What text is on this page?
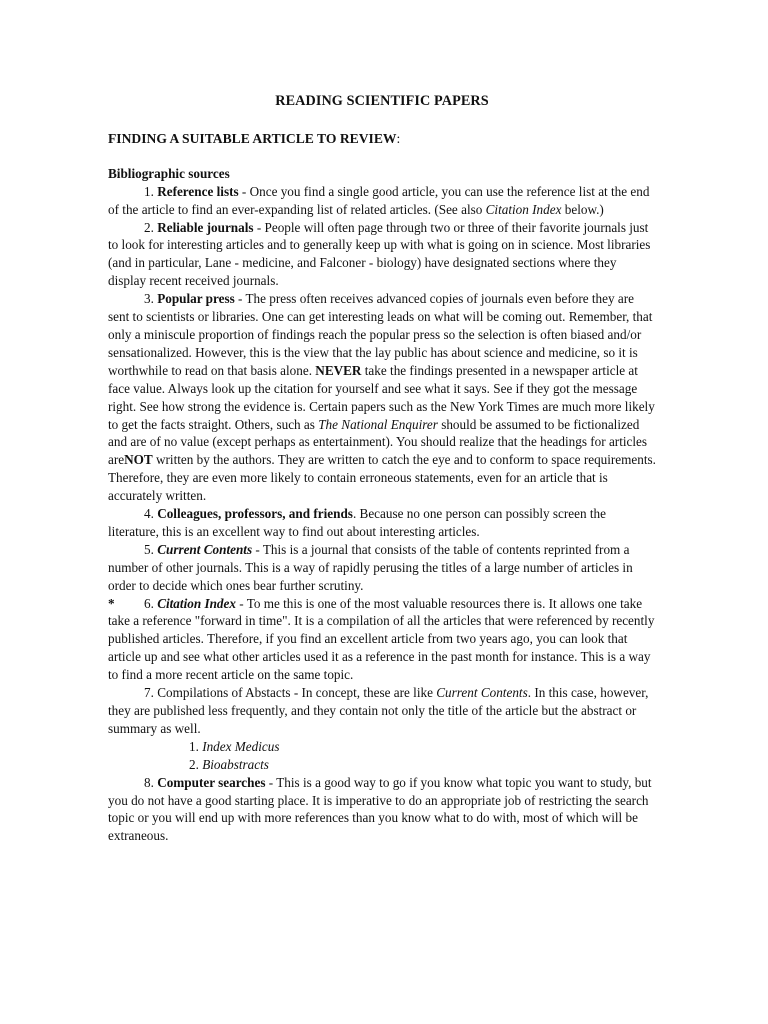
READING SCIENTIFIC PAPERS
FINDING A SUITABLE ARTICLE TO REVIEW:
Bibliographic sources

1. Reference lists - Once you find a single good article, you can use the reference list at the end of the article to find an ever-expanding list of related articles. (See also Citation Index below.)

2. Reliable journals - People will often page through two or three of their favorite journals just to look for interesting articles and to generally keep up with what is going on in science. Most libraries (and in particular, Lane - medicine, and Falconer - biology) have designated sections where they display recent received journals.

3. Popular press - The press often receives advanced copies of journals even before they are sent to scientists or libraries. One can get interesting leads on what will be coming out. Remember, that only a miniscule proportion of findings reach the popular press so the selection is often biased and/or sensationalized. However, this is the view that the lay public has about science and medicine, so it is worthwhile to read on that basis alone. NEVER take the findings presented in a newspaper article at face value. Always look up the citation for yourself and see what it says. See if they got the message right. See how strong the evidence is. Certain papers such as the New York Times are much more likely to get the facts straight. Others, such as The National Enquirer should be assumed to be fictionalized and are of no value (except perhaps as entertainment). You should realize that the headings for articles areNOT written by the authors. They are written to catch the eye and to conform to space requirements. Therefore, they are even more likely to contain erroneous statements, even for an article that is accurately written.

4. Colleagues, professors, and friends. Because no one person can possibly screen the literature, this is an excellent way to find out about interesting articles.

5. Current Contents - This is a journal that consists of the table of contents reprinted from a number of other journals. This is a way of rapidly perusing the titles of a large number of articles in order to decide which ones bear further scrutiny.

* 6. Citation Index - To me this is one of the most valuable resources there is. It allows one take take a reference "forward in time". It is a compilation of all the articles that were referenced by recently published articles. Therefore, if you find an excellent article from two years ago, you can look that article up and see what other articles used it as a reference in the past month for instance. This is a way to find a more recent article on the same topic.

7. Compilations of Abstacts - In concept, these are like Current Contents. In this case, however, they are published less frequently, and they contain not only the title of the article but the abstract or summary as well.

1. Index Medicus
2. Bioabstracts

8. Computer searches - This is a good way to go if you know what topic you want to study, but you do not have a good starting place. It is imperative to do an appropriate job of restricting the search topic or you will end up with more references than you know what to do with, most of which will be extraneous.
